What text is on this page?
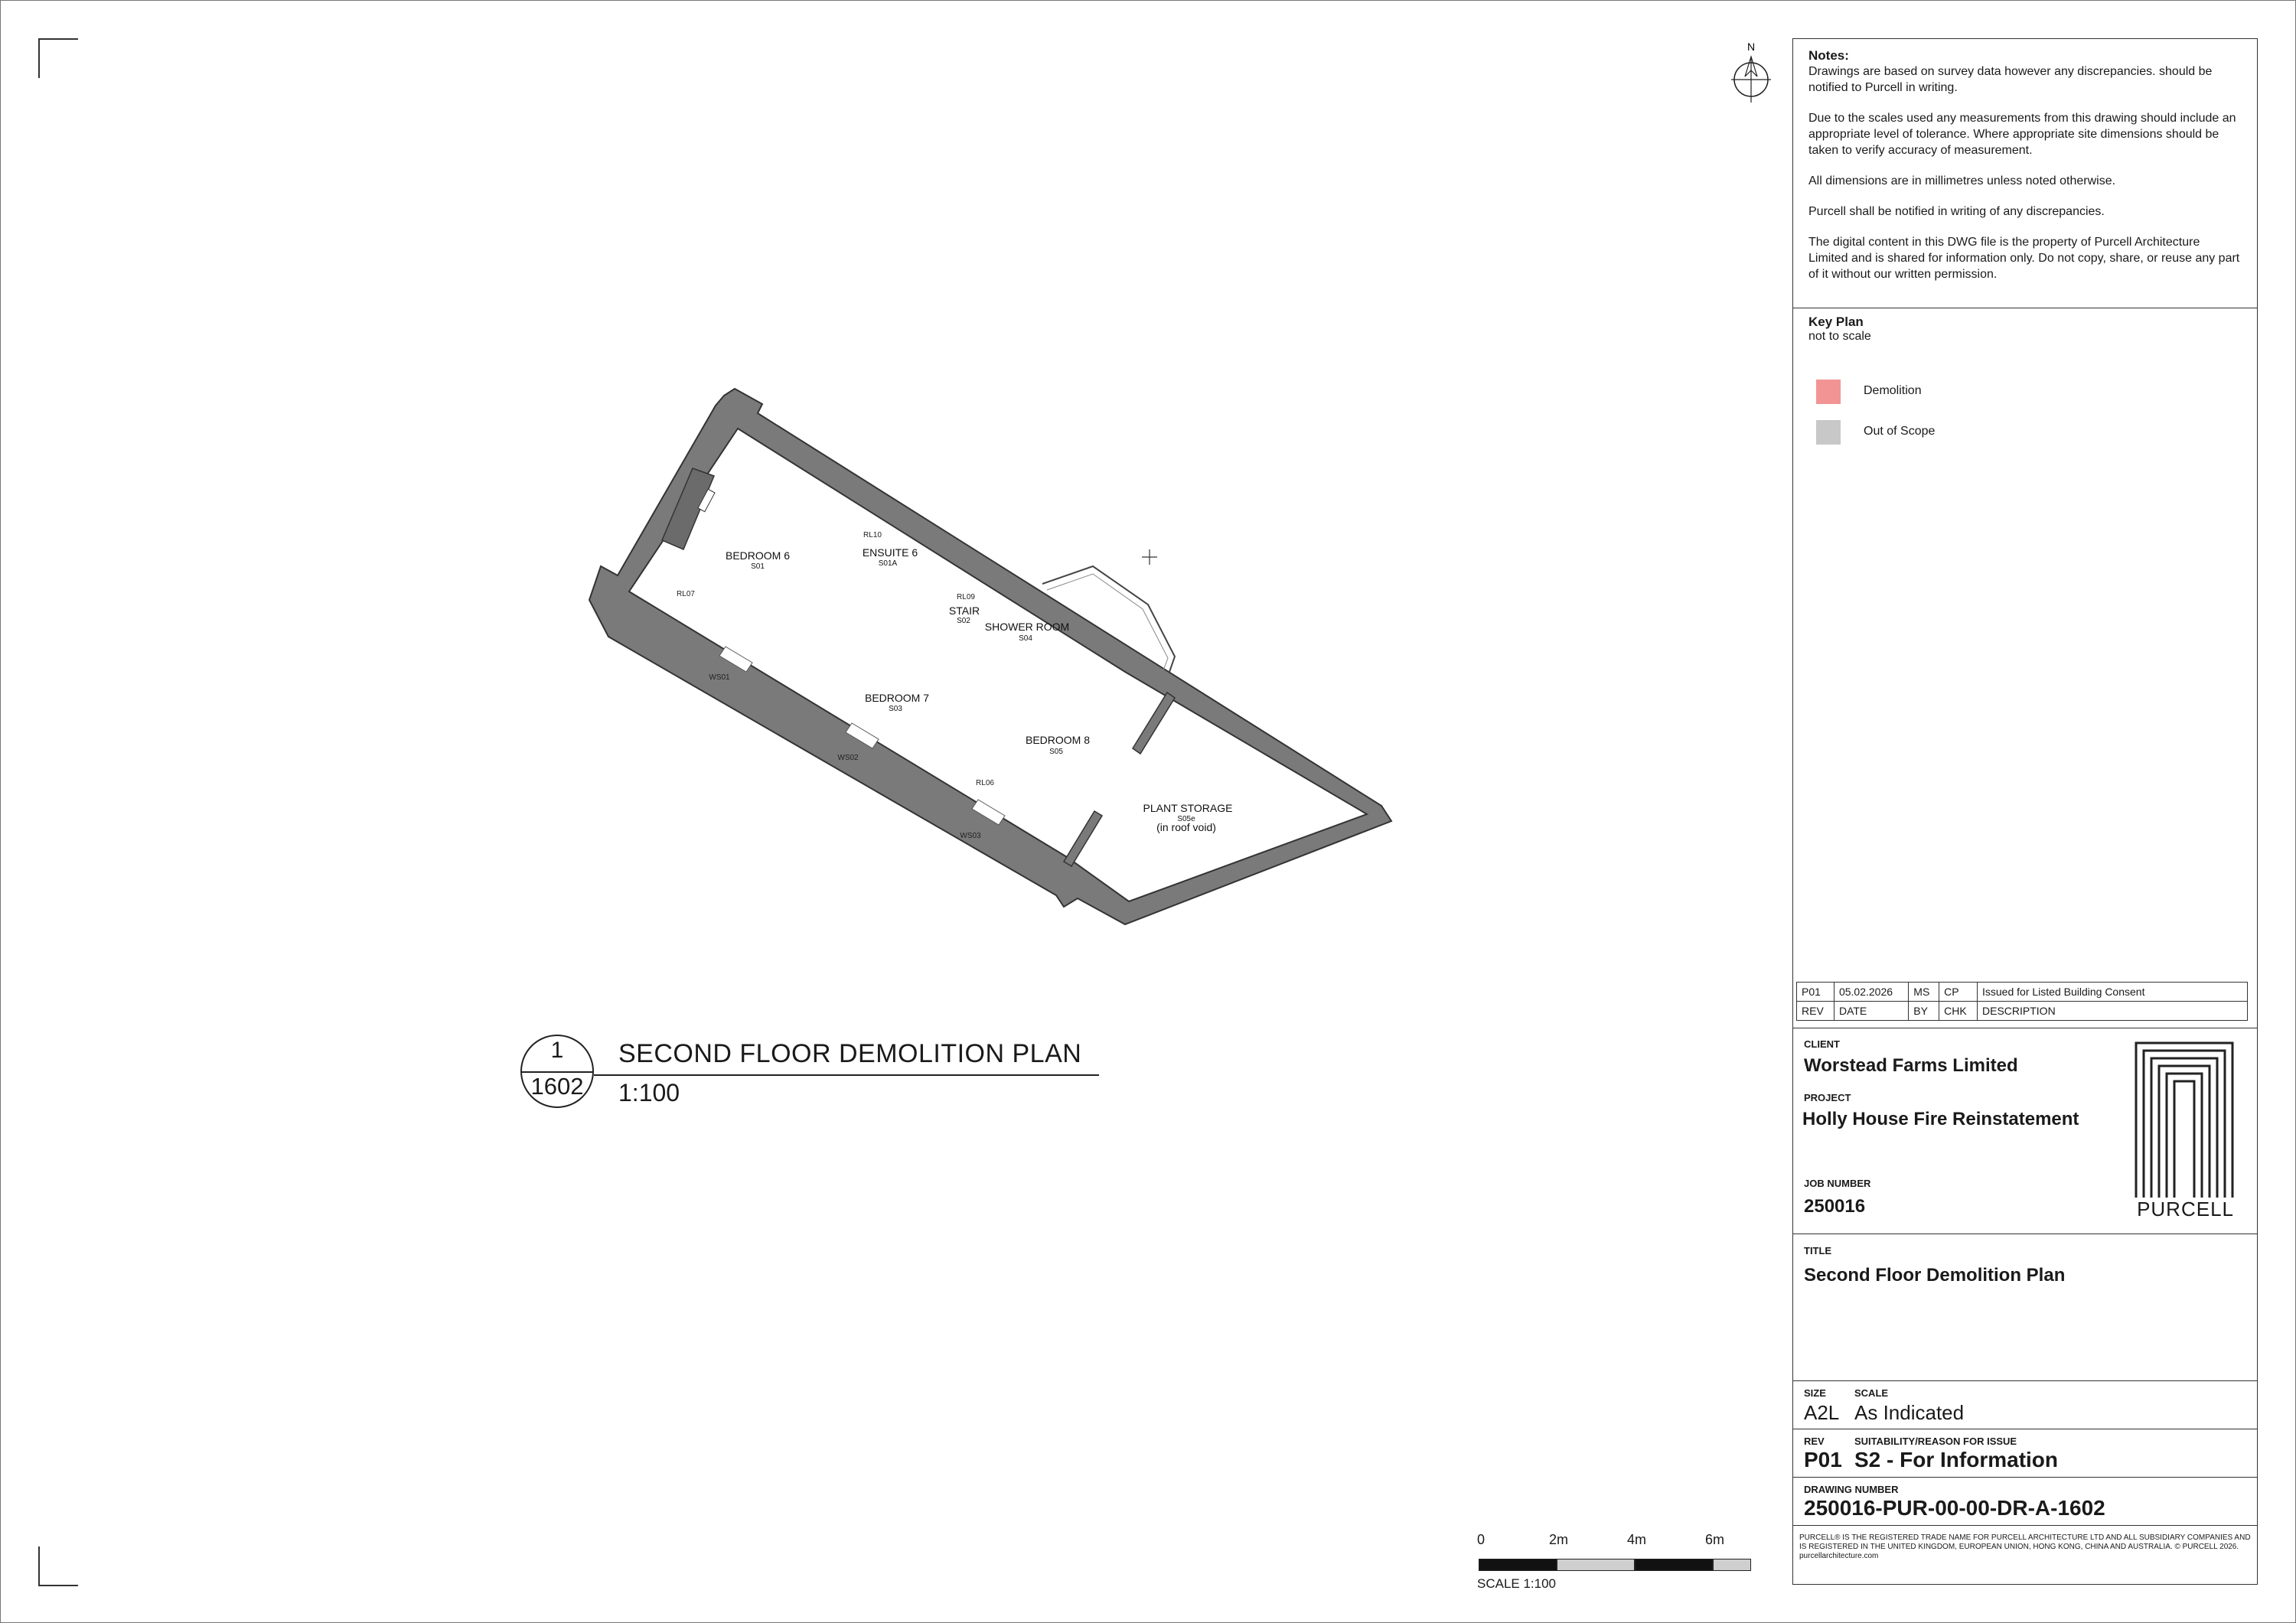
N
BEDROOM 6
S01
ENSUITE 6
S01A
STAIR
S02 SHOWER ROOM
S04
BEDROOM 7
S03
BEDROOM 8
S05
PLANT STORAGE
S05e
(in roof void)
RL10
RL07	RL09
WS01
WS02
RL06
WS03
1
1602
SECOND FLOOR DEMOLITION PLAN
1:100
0	2m	4m	6m
SCALE 1:100
Notes:

Drawings are based on survey data however any discrepancies. should be notified to Purcell in writing.

Due to the scales used any measurements from this drawing should include an appropriate level of tolerance. Where appropriate site dimensions should be taken to verify accuracy of measurement.

All dimensions are in millimetres unless noted otherwise.

Purcell shall be notified in writing of any discrepancies.

The digital content in this DWG file is the property of Purcell Architecture Limited and is shared for information only. Do not copy, share, or reuse any part of it without our written permission.

Key Plan
not to scale
Demolition
Out of Scope
P01	05.02.2026	MS	CP	Issued for Listed Building Consent
REV	DATE	BY	CHK	DESCRIPTION
CLIENT
Worstead Farms Limited
PROJECT
Holly House Fire Reinstatement
JOB NUMBER
250016	PURCELL
TITLE
Second Floor Demolition Plan
SIZE
A2L
SCALE
As Indicated
REV
P01
SUITABILITY/REASON FOR ISSUE
S2 - For Information
DRAWING NUMBER
250016-PUR-00-00-DR-A-1602
PURCELL® IS THE REGISTERED TRADE NAME FOR PURCELL ARCHITECTURE LTD AND ALL SUBSIDIARY COMPANIES AND IS REGISTERED IN THE UNITED KINGDOM, EUROPEAN UNION, HONG KONG, CHINA AND AUSTRALIA. © PURCELL 2026. purcellarchitecture.com
